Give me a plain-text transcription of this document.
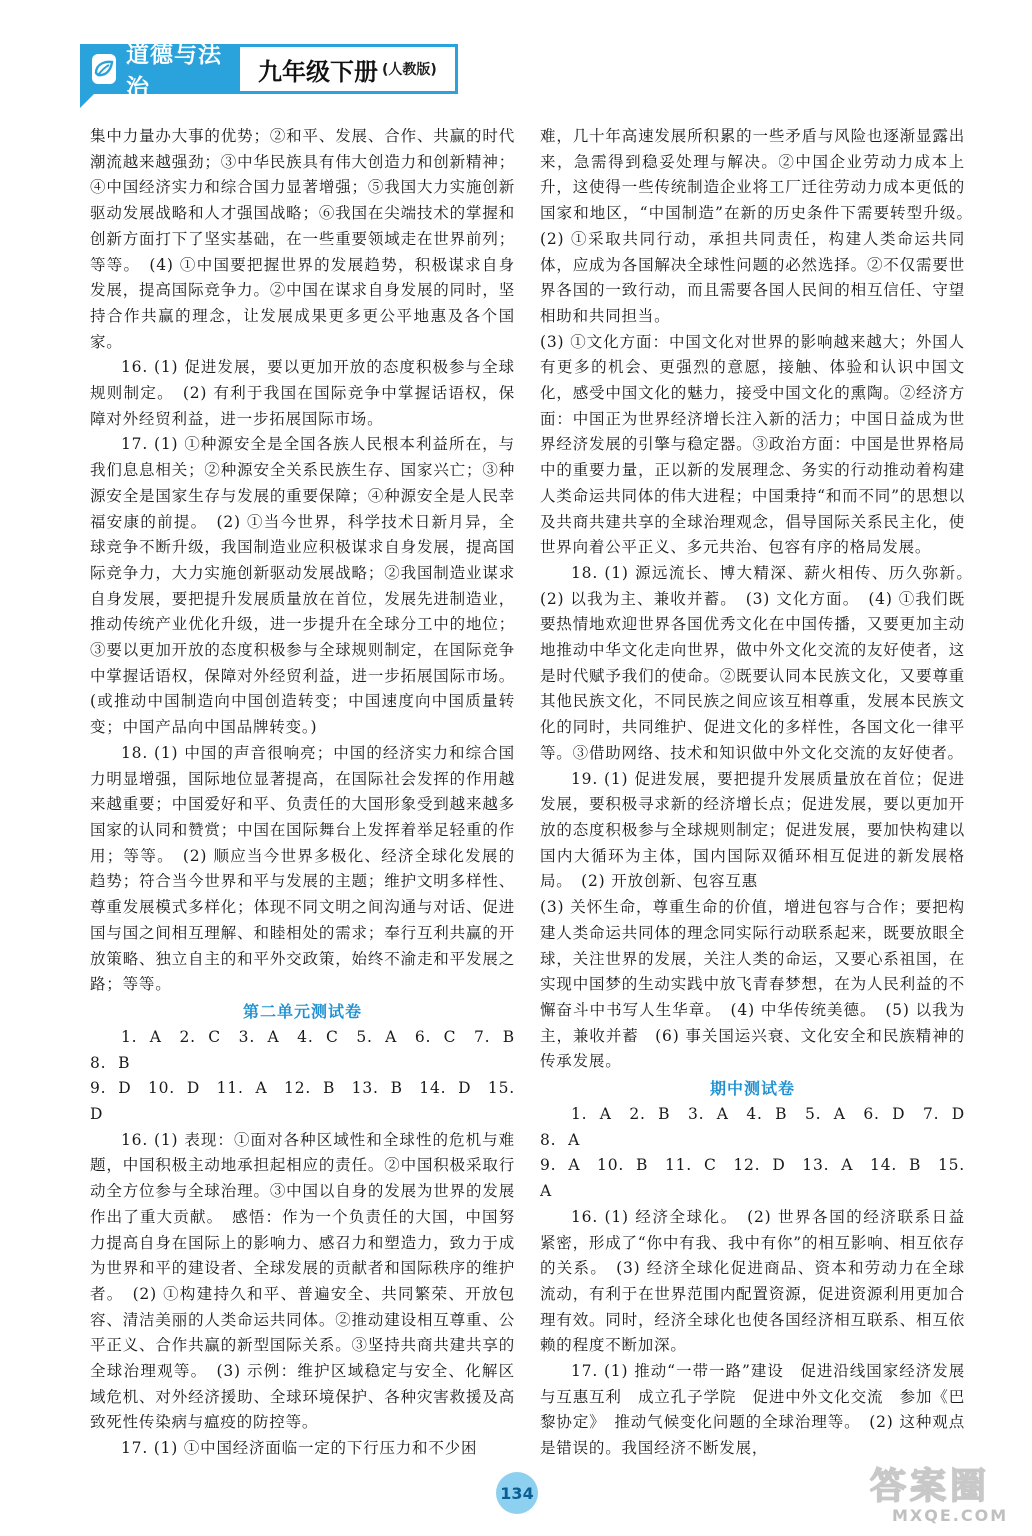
道德与法治
九年级下册 (人教版)

集中力量办大事的优势；②和平、发展、合作、共赢的时代潮流越来越强劲；③中华民族具有伟大创造力和创新精神；④中国经济实力和综合国力显著增强；⑤我国大力实施创新驱动发展战略和人才强国战略；⑥我国在尖端技术的掌握和创新方面打下了坚实基础，在一些重要领域走在世界前列；等等。　(4) ①中国要把握世界的发展趋势，积极谋求自身发展，提高国际竞争力。②中国在谋求自身发展的同时，坚持合作共赢的理念，让发展成果更多更公平地惠及各个国家。

16. (1) 促进发展，要以更加开放的态度积极参与全球规则制定。　(2) 有利于我国在国际竞争中掌握话语权，保障对外经贸利益，进一步拓展国际市场。

17. (1) ①种源安全是全国各族人民根本利益所在，与我们息息相关；②种源安全关系民族生存、国家兴亡；③种源安全是国家生存与发展的重要保障；④种源安全是人民幸福安康的前提。　(2) ①当今世界，科学技术日新月异，全球竞争不断升级，我国制造业应积极谋求自身发展，提高国际竞争力，大力实施创新驱动发展战略；②我国制造业谋求自身发展，要把提升发展质量放在首位，发展先进制造业，推动传统产业优化升级，进一步提升在全球分工中的地位；③要以更加开放的态度积极参与全球规则制定，在国际竞争中掌握话语权，保障对外经贸利益，进一步拓展国际市场。(或推动中国制造向中国创造转变；中国速度向中国质量转变；中国产品向中国品牌转变。)

18. (1) 中国的声音很响亮；中国的经济实力和综合国力明显增强，国际地位显著提高，在国际社会发挥的作用越来越重要；中国爱好和平、负责任的大国形象受到越来越多国家的认同和赞赏；中国在国际舞台上发挥着举足轻重的作用；等等。　(2) 顺应当今世界多极化、经济全球化发展的趋势；符合当今世界和平与发展的主题；维护文明多样性、尊重发展模式多样化；体现不同文明之间沟通与对话、促进国与国之间相互理解、和睦相处的需求；奉行互利共赢的开放策略、独立自主的和平外交政策，始终不渝走和平发展之路；等等。

第二单元测试卷

1. A　2. C　3. A　4. C　5. A　6. C　7. B　8. B

9. D　10. D　11. A　12. B　13. B　14. D　15. D

16. (1) 表现：①面对各种区域性和全球性的危机与难题，中国积极主动地承担起相应的责任。②中国积极采取行动全方位参与全球治理。③中国以自身的发展为世界的发展作出了重大贡献。　感悟：作为一个负责任的大国，中国努力提高自身在国际上的影响力、感召力和塑造力，致力于成为世界和平的建设者、全球发展的贡献者和国际秩序的维护者。　(2) ①构建持久和平、普遍安全、共同繁荣、开放包容、清洁美丽的人类命运共同体。②推动建设相互尊重、公平正义、合作共赢的新型国际关系。③坚持共商共建共享的全球治理观等。　(3) 示例：维护区域稳定与安全、化解区域危机、对外经济援助、全球环境保护、各种灾害救援及高致死性传染病与瘟疫的防控等。

17. (1) ①中国经济面临一定的下行压力和不少困

难，几十年高速发展所积累的一些矛盾与风险也逐渐显露出来，急需得到稳妥处理与解决。②中国企业劳动力成本上升，这使得一些传统制造企业将工厂迁往劳动力成本更低的国家和地区，“中国制造”在新的历史条件下需要转型升级。　(2) ①采取共同行动，承担共同责任，构建人类命运共同体，应成为各国解决全球性问题的必然选择。②不仅需要世界各国的一致行动，而且需要各国人民间的相互信任、守望相助和共同担当。

(3) ①文化方面：中国文化对世界的影响越来越大；外国人有更多的机会、更强烈的意愿，接触、体验和认识中国文化，感受中国文化的魅力，接受中国文化的熏陶。②经济方面：中国正为世界经济增长注入新的活力；中国日益成为世界经济发展的引擎与稳定器。③政治方面：中国是世界格局中的重要力量，正以新的发展理念、务实的行动推动着构建人类命运共同体的伟大进程；中国秉持“和而不同”的思想以及共商共建共享的全球治理观念，倡导国际关系民主化，使世界向着公平正义、多元共治、包容有序的格局发展。

18. (1) 源远流长、博大精深、薪火相传、历久弥新。　(2) 以我为主、兼收并蓄。　(3) 文化方面。　(4) ①我们既要热情地欢迎世界各国优秀文化在中国传播，又要更加主动地推动中华文化走向世界，做中外文化交流的友好使者，这是时代赋予我们的使命。②既要认同本民族文化，又要尊重其他民族文化，不同民族之间应该互相尊重，发展本民族文化的同时，共同维护、促进文化的多样性，各国文化一律平等。③借助网络、技术和知识做中外文化交流的友好使者。

19. (1) 促进发展，要把提升发展质量放在首位；促进发展，要积极寻求新的经济增长点；促进发展，要以更加开放的态度积极参与全球规则制定；促进发展，要加快构建以国内大循环为主体，国内国际双循环相互促进的新发展格局。　(2) 开放创新、包容互惠

(3) 关怀生命，尊重生命的价值，增进包容与合作；要把构建人类命运共同体的理念同实际行动联系起来，既要放眼全球，关注世界的发展，关注人类的命运，又要心系祖国，在实现中国梦的生动实践中放飞青春梦想，在为人民利益的不懈奋斗中书写人生华章。　(4) 中华传统美德。　(5) 以我为主，兼收并蓄　(6) 事关国运兴衰、文化安全和民族精神的传承发展。

期中测试卷

1. A　2. B　3. A　4. B　5. A　6. D　7. D　8. A

9. A　10. B　11. C　12. D　13. A　14. B　15. A

16. (1) 经济全球化。　(2) 世界各国的经济联系日益紧密，形成了“你中有我、我中有你”的相互影响、相互依存的关系。　(3) 经济全球化促进商品、资本和劳动力在全球流动，有利于在世界范围内配置资源，促进资源利用更加合理有效。同时，经济全球化也使各国经济相互联系、相互依赖的程度不断加深。

17. (1) 推动“一带一路”建设　促进沿线国家经济发展与互惠互利　成立孔子学院　促进中外文化交流　参加《巴黎协定》　推动气候变化问题的全球治理等。　(2) 这种观点是错误的。我国经济不断发展，

134	答案圈
MXQE.COM
